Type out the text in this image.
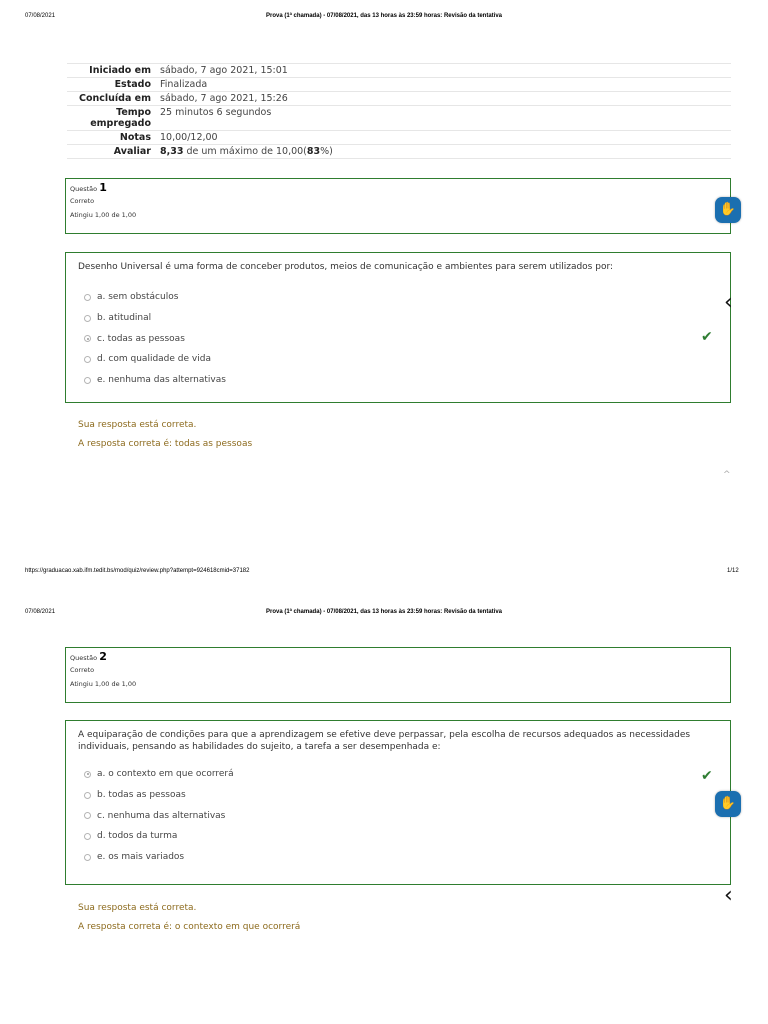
07/08/2021	Prova (1ª chamada) - 07/08/2021, das 13 horas às 23:59 horas: Revisão da tentativa
Iniciado em sábado, 7 ago 2021, 15:01
Estado Finalizada
Concluída em sábado, 7 ago 2021, 15:26
Tempo empregado
25 minutos 6 segundos
Notas 10,00/12,00
Avaliar 8,33 de um máximo de 10,00(83%)
Questão 1
Correto
Atingiu 1,00 de 1,00	✋
Desenho Universal é uma forma de conceber produtos, meios de comunicação e ambientes para serem utilizados por:
a. sem obstáculos
b. atitudinal
c. todas as pessoas
d. com qualidade de vida
e. nenhuma das alternativas
✔
‹
Sua resposta está correta.
A resposta correta é: todas as pessoas
^
https://graduacao.xab.ifm.tedit.bs/mod/quiz/review.php?attempt=924618cmid=37182	1/12
07/08/2021	Prova (1ª chamada) - 07/08/2021, das 13 horas às 23:59 horas: Revisão da tentativa
Questão 2
Correto
Atingiu 1,00 de 1,00
A equiparação de condições para que a aprendizagem se efetive deve perpassar, pela escolha de recursos adequados as necessidades individuais, pensando as habilidades do sujeito, a tarefa a ser desempenhada e:
a. o contexto em que ocorrerá
b. todas as pessoas
c. nenhuma das alternativas
d. todos da turma
e. os mais variados
✔
✋
‹
Sua resposta está correta.
A resposta correta é: o contexto em que ocorrerá
